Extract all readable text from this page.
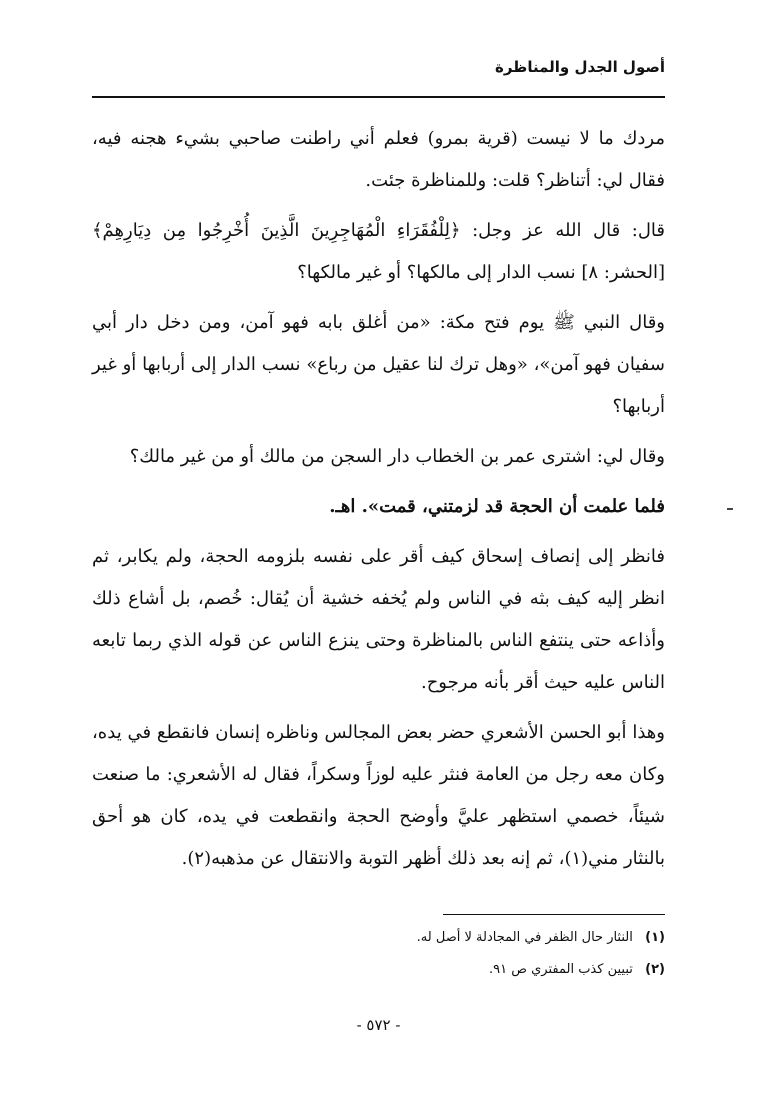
أصول الجدل والمناظرة

مردك ما لا نيست (قرية بمرو) فعلم أني راطنت صاحبي بشيء هجنه فيه، فقال لي: أتناظر؟ قلت: وللمناظرة جئت.

قال: قال الله عز وجل: ﴿لِلْفُقَرَاءِ الْمُهَاجِرِينَ الَّذِينَ أُخْرِجُوا مِن دِيَارِهِمْ﴾ [الحشر: ٨] نسب الدار إلى مالكها؟ أو غير مالكها؟

وقال النبي ﷺ يوم فتح مكة: «من أغلق بابه فهو آمن، ومن دخل دار أبي سفيان فهو آمن»، «وهل ترك لنا عقيل من رباع» نسب الدار إلى أربابها أو غير أربابها؟

وقال لي: اشترى عمر بن الخطاب دار السجن من مالك أو من غير مالك؟

فلما علمت أن الحجة قد لزمتني، قمت». اهـ.

فانظر إلى إنصاف إسحاق كيف أقر على نفسه بلزومه الحجة، ولم يكابر، ثم انظر إليه كيف بثه في الناس ولم يُخفه خشية أن يُقال: خُصم، بل أشاع ذلك وأذاعه حتى ينتفع الناس بالمناظرة وحتى ينزع الناس عن قوله الذي ربما تابعه الناس عليه حيث أقر بأنه مرجوح.

وهذا أبو الحسن الأشعري حضر بعض المجالس وناظره إنسان فانقطع في يده، وكان معه رجل من العامة فنثر عليه لوزاً وسكراً، فقال له الأشعري: ما صنعت شيئاً، خصمي استظهر عليَّ وأوضح الحجة وانقطعت في يده، كان هو أحق بالنثار مني(١)، ثم إنه بعد ذلك أظهر التوبة والانتقال عن مذهبه(٢).

(١) النثار حال الظفر في المجادلة لا أصل له.
(٢) تبيين كذب المفتري ص ٩١.
- ٥٧٢ -
